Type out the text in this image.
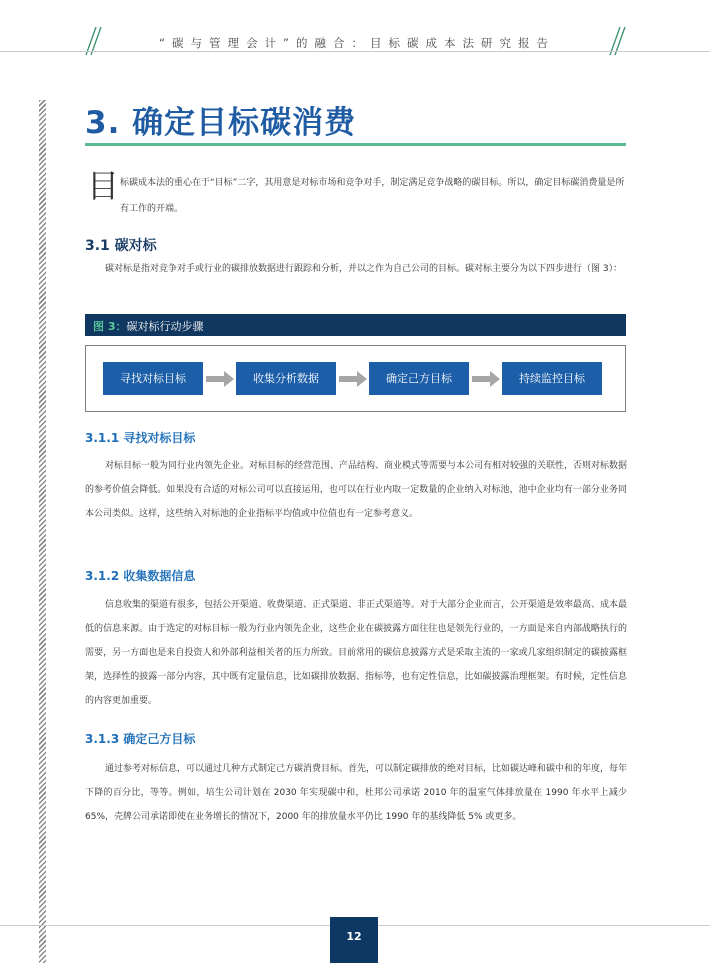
“碳与管理会计”的融合：目标碳成本法研究报告
3. 确定目标碳消费
目 标碳成本法的重心在于“目标”二字，其用意是对标市场和竞争对手，制定满足竞争战略的碳目标。所以，确定目标碳消费量是所有工作的开端。
3.1 碳对标
碳对标是指对竞争对手或行业的碳排放数据进行跟踪和分析，并以之作为自己公司的目标。碳对标主要分为以下四步进行（图 3）：
图 3：碳对标行动步骤
寻找对标目标	收集分析数据	确定己方目标	持续监控目标
3.1.1 寻找对标目标
对标目标一般为同行业内领先企业。对标目标的经营范围、产品结构、商业模式等需要与本公司有相对较强的关联性，否则对标数据的参考价值会降低。如果没有合适的对标公司可以直接运用，也可以在行业内取一定数量的企业纳入对标池，池中企业均有一部分业务同本公司类似。这样，这些纳入对标池的企业指标平均值或中位值也有一定参考意义。
3.1.2 收集数据信息
信息收集的渠道有很多，包括公开渠道、收费渠道、正式渠道、非正式渠道等。对于大部分企业而言，公开渠道是效率最高、成本最低的信息来源。由于选定的对标目标一般为行业内领先企业，这些企业在碳披露方面往往也是领先行业的，一方面是来自内部战略执行的需要，另一方面也是来自投资人和外部利益相关者的压力所致。目前常用的碳信息披露方式是采取主流的一家或几家组织制定的碳披露框架，选择性的披露一部分内容，其中既有定量信息，比如碳排放数据、指标等，也有定性信息，比如碳披露治理框架。有时候，定性信息的内容更加重要。
3.1.3 确定己方目标
通过参考对标信息，可以通过几种方式制定己方碳消费目标。首先，可以制定碳排放的绝对目标，比如碳达峰和碳中和的年度，每年下降的百分比，等等。例如，培生公司计划在 2030 年实现碳中和，杜邦公司承诺 2010 年的温室气体排放量在 1990 年水平上减少 65%，壳牌公司承诺即使在业务增长的情况下，2000 年的排放量水平仍比 1990 年的基线降低 5% 或更多。
12
